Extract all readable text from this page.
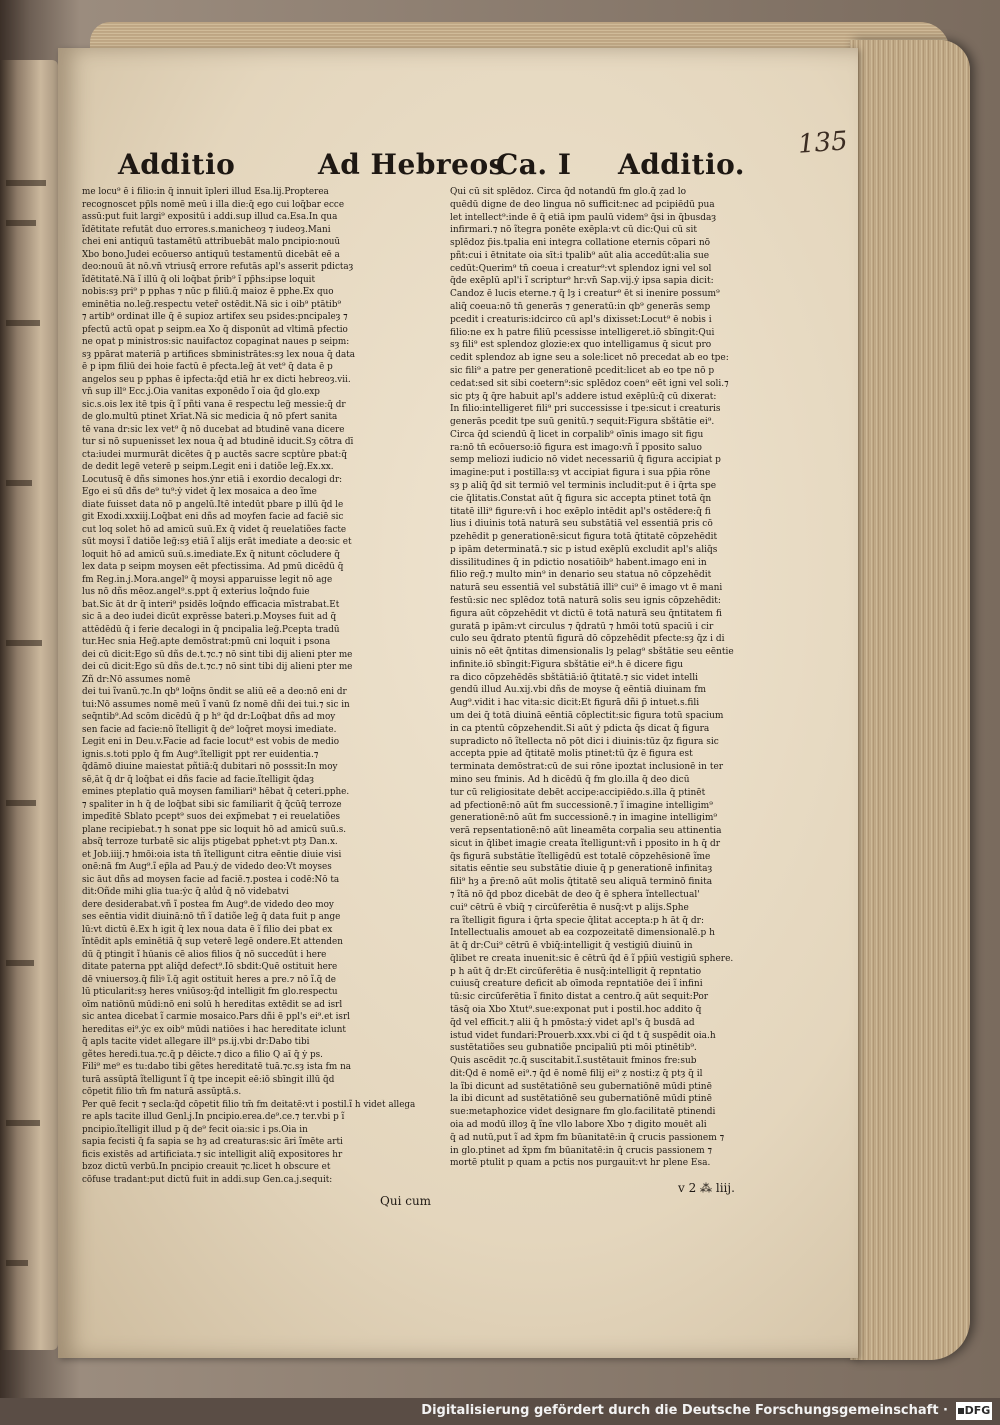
135
Additio	Ad Hebreos
Ca. I Additio.

me locu⁹ ē i filio:in q̃ innuit īpleri illud Esa.lij.Propterea

recognoscet pp̃ls nomē meū i illa die:q̄ ego cui loq̄bar ecce

assū:put fuit largi⁹ expositū i addi.sup illud ca.Esa.In qua

ĩdētitate refutāt duo errores.s.manicheoȝ ⁊ iudeoȝ.Mani

chei eni antiquū tastamētū attribuebāt malo pncipio:nouū

Xbo bono.Judei ecōuerso antiquū testamentū dicebāt eē a

deo:nouū āt nō.vn̄ vtriusq̄ errore refutās apl's asserit pdictaȝ

ĩdētitatē.Nā ĩ illū q̄ oli loq̄bat p̄rib⁹ ĩ pp̃hs:ipse loquit

nobis:sȝ pri⁹ p pphas ⁊ nūc p filiū.q̄ maioz ē pphe.Ex quo

eminētia no.leg̃.respectu veter̄ ostēdit.Nā sic i oib⁹ ptātib⁹

⁊ artib⁹ ordinat̃ ille q̄ ē supioz artifex seu psides:pncipaleȝ ⁊

pfectū actū opat p seipm.ea Xo q̄ disponūt ad vltimā pfectio

ne opat p ministros:sic nauifactoz copaginat naues p seipm:

sȝ ppārat materiā p artifices sbministrātes:sȝ lex noua q̄ data

ē p ipm filiū dei hoie factū ē pfecta.leg̃ āt vet⁹ q̄ data ē p

angelos seu p pphas ē ipfecta:q̄d etiā hr ex dicti hebreoȝ.vii.

vn̄ sup ill⁹ Ecc.j.Oia vanitas exponēdo ĩ oia q̄d glo.exp

sic.s.ois lex itē tpis q̄ ĩ pñti vana ē respectu leg̃ messie:q̄ d̄r

de glo.multū ptinet Xrīat.Nā sic medicia q̄ nō pfert sanita

tē vana d̄r:sic lex vet⁹ q̄ nō ducebat ad btudinē vana dicere

tur si nō supuenisset lex noua q̄ ad btudinē iducit.Sȝ cōtra dī

cta:iudei murmurāt dicētes q̄ p auctēs sacre scptu̾re pbat̃:q̄

de dedit legē veterē p seipm.Legit eni i datiõe leg̃.Ex.xx.

Locutusq̃ ē dñs simones hos.ẏnr etiā i exordio decalogi d̄r:

Ego ei sū dñs de⁹ tu⁹:ẏ videt̃ q̄ lex mosaica a deo ĩme

diate fuisset data nō p angelū.Itē intedūt pbare p illū q̄d le

git Exodi.xxxiij.Loq̄bat eni dñs ad moyfen facie ad faciē sic

cut loq solet hō ad amicū suū.Ex q̄ videt̃ q̄ reuelatiões facte

sūt moysi ĩ datiõe leg̃:sȝ etiā ĩ alijs erāt imediate a deo:sic et

loquit hō ad amicū suū.s.imediate.Ex q̄ nitunt̃ cōcludere q̄

lex data p seipm moysen eēt pfectissima. Ad pmū dicēdū q̄

fm Reg.in.j.Mora.angel⁹ q̄ moysi apparuisse legit̃ nō age

lus nō dñs mēoz.angel⁹.s.ppt q̄ exterius loq̄ndo fuie

bat.Sic āt d̄r q̄ interi⁹ psidēs loq̄ndo efficacia mīstrabat.Et

sic ā a deo iudei dicūt exprēsse bateri.p.Moyses fuit ad q̄

attēdēdū q̄ i ferie decalogi in q̄ pncipalia leg̃.Pcepta tradū

tur.Hec snia Heg̃.apte demōstrat:pmū cni loquit i psona

dei cū dicit:Ego sū dñs de.t.⁊c.⁊ nō sint tibi dij alieni pter me

dei cū dicit:Ego sū dñs de.t.⁊c.⁊ nō sint tibi dij alieni pter me

Zñ d̄r:Nō assumes nomē

dei tui ĩvanū.⁊c.In qb⁹ loq̄ns ōndit se aliū eē a deo:nō eni d̄r

tui:Nō assumes nomē meū ĩ vanū ſz nomē dñi dei tui.⁊ sic in

seq̄ntib⁹.Ad scōm dicēdū q̄ p h⁹ q̄d d̄r:Loq̄bat dñs ad moy

sen facie ad facie:nō ĩtelligit̃ q̄ de⁹ loq̄ret̃ moysi imediate.

Legit eni in Deu.v.Facie ad facie locut⁹ est vobis de medio

ignis.s.toti pplo q̄ fm Aug⁹.ĩtelligit̃ ppt rer euidentia.⁊

q̄dāmō diuine maiestat̃ pñtiā:q̄ dubitari nō posssit:In moy

sē,āt q̄ d̄r q̄ loq̄bat ei dñs facie ad facie.ĩtelligit q̄daȝ

emines pteplatio quā moysen familiari⁹ hēbat q̄ ceteri.pphe.

⁊ spaliter in h q̄ de loq̄bat sibi sic familiarit̃ q̄ q̄cūq̄ terroze

impedītē Sblato pcept⁹ suos dei exp̃mebat ⁊ ei reuelatiões

plane recipiebat.⁊ h sonat ppe sic loquit hō ad amicū suū.s.

absq̃ terroze turbatē sic alijs ptigebat pphet:vt ptȝ Dan.x.

et Job.iiij.⁊ hmōi:oia ista tn̄ ĩtelligunt̃ citra eēntie diuie visi

onē:nā fm Aug⁹.ĩ ep̃la ad Pau.ẏ de videdo deo:Vt moyses

sic āut dñs ad moysen facie ad faciē.⁊.postea i codē:Nō ta

dit:Oñde mihi glia tua:ẏc q̄ alu̾d q̄ nō videbatvi

dere desiderabat.vñ ĩ postea fm Aug⁹.de videdo deo moy

ses eēntia vidit diuinā:nō tñ ĩ datiõe leg̃ q̄ data fuit p ange

lū:vt dictū ē.Ex h igit̃ q̄ lex noua data ē ĩ filio dei pbat ex

ĩntēdit apls eminētiā q̄ sup veterē legē ondere.Et attenden

dū q̄ ptingit ĩ hūanis cē alios filios q̄ nō succedūt i here

ditate paterna ppt aliq̄d defect⁹.Iō sbdit:Quē ostituit here

dē vniuersoȝ.q̄ filiꝰ ĩ.q̄ agit ostituit̃ heres a pre.⁊ nō ĩ.q̄ de

lū pticularit̃:sȝ heres vniūsoȝ:q̄d intelligit̃ fm glo.respectu

oīm natiōnū mūdi:nō eni solū h hereditas extēdit se ad isrl̄

sic antea dicebat ĩ carmie mosaico.Pars dñi ē ppl's ei⁹.et isrl

hereditas ei⁹.ẏc ex oib⁹ mūdi natiōes i hac hereditate iclunt

q̄ apls tacite videt̃ allegare ill⁹ ps.ij.vbi d̄r:Dabo tibi

gẽtes heredi.tua.⁊c.q̄ p dēicte.⁊ dico a filio Q aī q̄ ẏ ps.

Fili⁹ me⁹ es tu:dabo tibi gẽtes hereditatē tuā.⁊c.sȝ ista fm na

turā assūptā ĩtelligunt ĩ q̄ tpe incepit eē:iō sbīngit illū q̄d

cōpetit filio tm̄ fm naturā assūptā.s.

Per quē fecit ⁊ secla:q̄d cōpetit filio tm̄ fm deitatē:vt i postil.ĩ h videt̃ allega

re apls tacite illud Genl.j.In pncipio.erea.de⁹.ce.⁊ ter.vbi p ĩ

pncipio.ĩtelligit̃ illud p q̄ de⁹ fecit oia:sic i ps.Oia in

sapia fecisti q̄ fa sapia se hȝ ad creaturas:sic āri ĩmēte arti

ficis existēs ad artificiata.⁊ sic intelligit aliq̄ expositores hr

bzoz dictū verbū.In pncipio creauit ⁊c.licet h obscure et

cōfuse tradant:put dictū fuit in addi.sup Gen.ca.j.sequit̃:

Qui cū sit splēdoz. Circa q̄d notandū fm glo.q̄ ẓad lo

quēdū digne de deo lingua nō sufficit:nec ad pcipiēdū pua

let intellect⁹:inde ē q̄ etiā ipm paulū videm⁹ q̄si in q̄busdaȝ

infirmari.⁊ nō ĩtegra ponēte exēpla:vt cū dic:Qui cū sit

splēdoz p̃is.tpalia eni integra collatione eternis cōpari nō

pñt:cui i ētnitate oia sīt:i tpalib⁹ aūt alia accedūt:alia sue

cedūt:Querim⁹ tn̄ coeua i creatur⁹:vt splendoz igni vel sol̄

q̄de exēplū apl'i ĩ scriptur⁹ hr:vn̄ Sap.vij.ẏ ipsa sapia dicit:

Candoz ē lucis eterne.⁊ q̄ lȝ i creatur⁹ ēt si inenire possum⁹

aliq̄ coeua:nō tn̄ generās ⁊ generatū:in qb⁹ generās semp

pcedit i creaturis:idcirco cū apl's dixisset:Locut⁹ ē nobis i

filio:ne ex h patre filiū pcessisse intelligeret̃.iō sbīngit:Qui

sȝ fili⁹ est splendoz glozie:ex quo intelligamus q̄ sicut pro

cedit splendoz ab igne seu a sole:licet nō precedat ab eo tpe:

sic fili⁹ a patre per generationē pcedit:licet ab eo tpe nō p

cedat:sed sit sibi coetern⁹:sic splēdoz coen⁹ eēt igni vel soli.⁊

sic ptȝ q̄ q̄re habuit apl's addere istud exēplū:q̄ cū dixerat:

In filio:intelligeret̃ fili⁹ pri successisse i tpe:sicut i creaturis

generās pcedit tpe suū genitū.⁊ sequit̃:Figura sbštātie ei⁹.

Circa q̄d sciendū q̄ licet in corpalib⁹ oīnis imago sit figu

ra:nō tn̄ ecōuerso:iō figura est imago:vn̄ ĩ pposito saluo

semp meliozi iudicio nō videt̃ necessariū q̄ figura accipiat̃ p

imagine:put i postilla:sȝ vt accipiat̃ figura i sua pp̃ia rōne

sȝ p aliq̄ q̄d sit termiō vel terminis includit:put ē i q̄rta spe

cie q̄litatis.Constat aūt q̄ figura sic accepta ptinet totā q̄n

titatē illi⁹ figure:vn̄ i hoc exēplo intēdit apl's ostēdere:q̄ fi

lius i diuinis totā naturā seu substātiā vel essentiā pris cō

pzehēdit p generationē:sicut figura totā q̄titatē cōpzehēdit

p ipām determinatā.⁊ sic p istud exēplū excludit apl's aliq̄s

dissilitudines q̄ in pdictio nosatiōib⁹ habent̃.imago eni in

filio reg̃.⁊ multo min⁹ in denario seu statua nō cōpzehēdit

naturā seu essentiā vel substātiā illi⁹ cui⁹ ē imago vt ē mani

festū:sic nec splēdoz totā naturā solis seu ignis cōpzehēdit:

figura aūt cōpzehēdit vt dictū ē totā naturā seu q̄ntitatem fi

guratā p ipām:vt circulus ⁊ q̄dratū ⁊ hmōi totū spaciū i cir

culo seu q̄drato ptentū figurā dō cōpzehēdit pfecte:sȝ q̄z i di

uinis nō eēt q̄ntitas dimensionalis lȝ pelag⁹ sbštātie seu eēntie

infinite.iō sbīngit:Figura sbštātie ei⁹.h ē dicere figu

ra dico cōpzehēdēs sbštātiā:iō q̄titatē.⁊ sic videt̃ intelli

gendū illud Au.xij.vbi dñs de moyse q̄ eēntiā diuinam fm

Aug⁹.vidit i hac vita:sic dicit:Et figurā dñi p̃ intuet̃.s.fili

um dei q̄ totā diuinā eēntiā cōplectit̃:sic figura totū spacium

in ca ptentū cōpzehendit.Si aūt ẏ pdicta q̄s dicat q̄ figura

supradicto nō ĩtellecta nō pōt dici i diuinis:tūz q̄z figura sic

accepta ppie ad q̄titatē molis ptinet:tū q̄z ē figura est

terminata demōstrat:cū de sui rōne ipoztat inclusionē in ter

mino seu fminis. Ad h dicēdū q̄ fm glo.illa q̄ deo dicū

tur cū religiositate debēt̃ accipe:accipiēdo.s.illa q̄ ptinēt

ad pfectionē:nō aūt fm successionē.⁊ ĩ imagine intelligim⁹

generationē:nō aūt fm successionē.⁊ in imagine intelligim⁹

verā repsentationē:nō aūt lineamēta corpalia seu attinentia

sicut in q̄libet imagie creata ĩtelligunt̃:vñ i pposito in h q̄ d̄r

q̄s figurā substātie ĩtelligēdū est totalē cōpzehēsionē ĩme

sitatis eēntie seu substātie diuie q̄ p generationē infinitaȝ

fili⁹ hȝ a p̃re:nō aūt molis q̄titatē seu aliquā terminō finita

⁊ ĩtā nō q̄d pboz dicebāt de deo q̄ ē sphera ĩntellectual'

cui⁹ cētrū ē vbiq̄ ⁊ circūferētia ē nusq̄:vt p alijs.Sphe

ra ĩtelligit figura i q̄rta specie q̄litat̃ accepta:p h āt q̄ d̄r:

Intellectualis amouet ab ea cozpozeitatē dimensionalē.p h

āt q̄ d̄r:Cui⁹ cētrū ē vbiq̄:intelligit̃ q̄ vestigiū diuinū in

q̄libet re creata inuenit:sic ē cētrū q̄d ē ĩ pp̃iū vestigiū sphere.

p h aūt q̄ d̄r:Et circūferētia ē nusq̄:intelligit̃ q̄ repntatio

cuiusq̄ creature deficit ab oīmoda repntatiōe dei ĩ infini

tū:sic circūferētia ĩ finito distat a centro.q̄ aūt sequit̃:Por

tāsq̄ oia Xbo Xtut⁹.sue:exponat put i postil.hoc addito q̄

q̄d vel efficit̃.⁊ alii q̄ h pmōsta:ẏ videt̃ apl's q̄ busdā ad

istud videt̃ fundari:Prouerb.xxx.vbi ci q̄d t q̄ suspēdit oia.h

sustētatiões seu gubnatiõe pncipaliū pti mōi ptinētib⁹.

Quis ascēdit ⁊c.q̄ suscitabit.ĩ.sustētauit fminos f̃re:sub

dit:Q̄d ē nomē ei⁹.⁊ q̄d ē nomē filij ei⁹ ẓ nosti:ẓ q̄ ptȝ q̄ il

la ĩbi dicunt̃ ad sustētatiōnē seu gubernatiōnē mūdi ptinē

la ibi dicunt̃ ad sustētatiōnē seu gubernatiōnē mūdi ptinē

sue:metaphozice videt̃ designare fm glo.facilitatē ptinendi

oia ad modū illoȝ q̄ ĩne vllo labore Xbo ⁊ digito mouēt ali

q̄ ad nutū,put ĩ ad x̄pm fm būanitatē:in q̄ crucis passionem ⁊

in glo.ptinet ad x̄pm fm būanitatē:in q̄ crucis passionem ⁊

mortē ptulit p quam a pctis nos purgauit:vt hr plene Esa.

Qui cum
v 2 ⁂ liij.
Digitalisierung gefördert durch die Deutsche Forschungsgemeinschaft ·	DFG
